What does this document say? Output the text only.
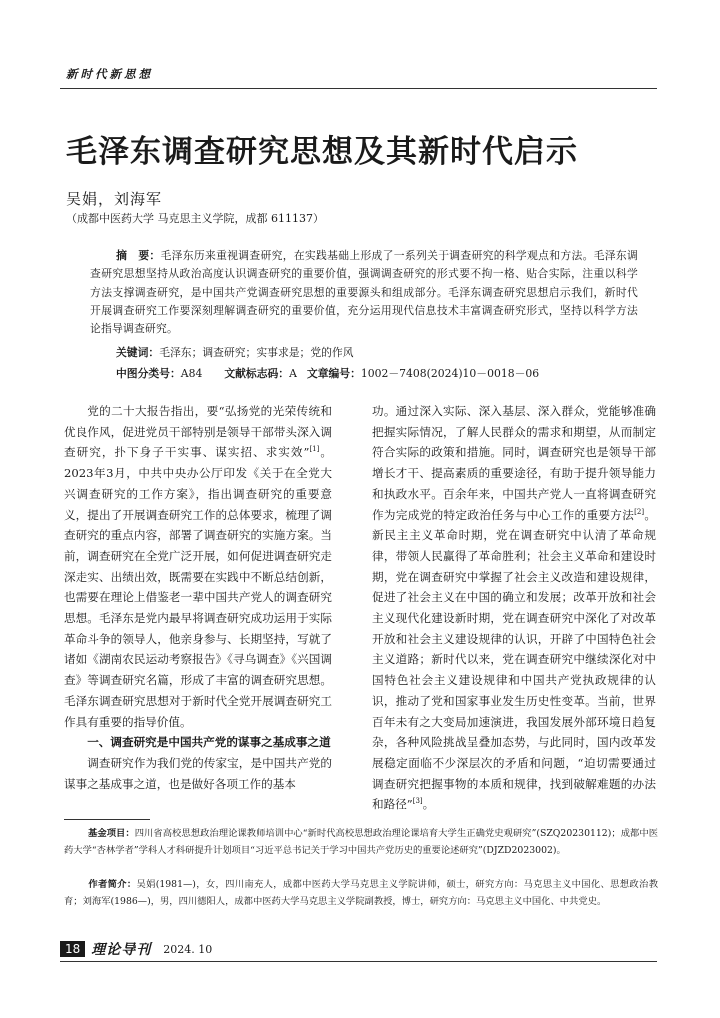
新时代新思想
毛泽东调查研究思想及其新时代启示
吴娟，刘海军
（成都中医药大学 马克思主义学院，成都 611137）
摘　要：毛泽东历来重视调查研究，在实践基础上形成了一系列关于调查研究的科学观点和方法。毛泽东调查研究思想坚持从政治高度认识调查研究的重要价值，强调调查研究的形式要不拘一格、贴合实际，注重以科学方法支撑调查研究，是中国共产党调查研究思想的重要源头和组成部分。毛泽东调查研究思想启示我们，新时代开展调查研究工作要深刻理解调查研究的重要价值，充分运用现代信息技术丰富调查研究形式，坚持以科学方法论指导调查研究。
关键词：毛泽东；调查研究；实事求是；党的作风
中图分类号：A84 文献标志码：A 文章编号：1002－7408(2024)10－0018－06

党的二十大报告指出，要“弘扬党的光荣传统和优良作风，促进党员干部特别是领导干部带头深入调查研究，扑下身子干实事、谋实招、求实效”[1]。2023年3月，中共中央办公厅印发《关于在全党大兴调查研究的工作方案》，指出调查研究的重要意义，提出了开展调查研究工作的总体要求，梳理了调查研究的重点内容，部署了调查研究的实施方案。当前，调查研究在全党广泛开展，如何促进调查研究走深走实、出绩出效，既需要在实践中不断总结创新，也需要在理论上借鉴老一辈中国共产党人的调查研究思想。毛泽东是党内最早将调查研究成功运用于实际革命斗争的领导人，他亲身参与、长期坚持，写就了诸如《湖南农民运动考察报告》《寻乌调查》《兴国调查》等调查研究名篇，形成了丰富的调查研究思想。毛泽东调查研究思想对于新时代全党开展调查研究工作具有重要的指导价值。

一、调查研究是中国共产党的谋事之基成事之道

调查研究作为我们党的传家宝，是中国共产党的谋事之基成事之道，也是做好各项工作的基本

功。通过深入实际、深入基层、深入群众，党能够准确把握实际情况，了解人民群众的需求和期望，从而制定符合实际的政策和措施。同时，调查研究也是领导干部增长才干、提高素质的重要途径，有助于提升领导能力和执政水平。百余年来，中国共产党人一直将调查研究作为完成党的特定政治任务与中心工作的重要方法[2]。新民主主义革命时期，党在调查研究中认清了革命规律，带领人民赢得了革命胜利；社会主义革命和建设时期，党在调查研究中掌握了社会主义改造和建设规律，促进了社会主义在中国的确立和发展；改革开放和社会主义现代化建设新时期，党在调查研究中深化了对改革开放和社会主义建设规律的认识，开辟了中国特色社会主义道路；新时代以来，党在调查研究中继续深化对中国特色社会主义建设规律和中国共产党执政规律的认识，推动了党和国家事业发生历史性变革。当前，世界百年未有之大变局加速演进，我国发展外部环境日趋复杂，各种风险挑战呈叠加态势，与此同时，国内改革发展稳定面临不少深层次的矛盾和问题，“迫切需要通过调查研究把握事物的本质和规律，找到破解难题的办法和路径”[3]。

基金项目：四川省高校思想政治理论课教师培训中心“新时代高校思想政治理论课培育大学生正确党史观研究”(SZQ20230112)；成都中医药大学“杏林学者”学科人才科研提升计划项目“习近平总书记关于学习中国共产党历史的重要论述研究”(DJZD2023002)。
作者简介：吴娟(1981—)，女，四川南充人，成都中医药大学马克思主义学院讲师，硕士，研究方向：马克思主义中国化、思想政治教育；刘海军(1986—)，男，四川德阳人，成都中医药大学马克思主义学院副教授，博士，研究方向：马克思主义中国化、中共党史。
18 理论导刊 2024. 10
